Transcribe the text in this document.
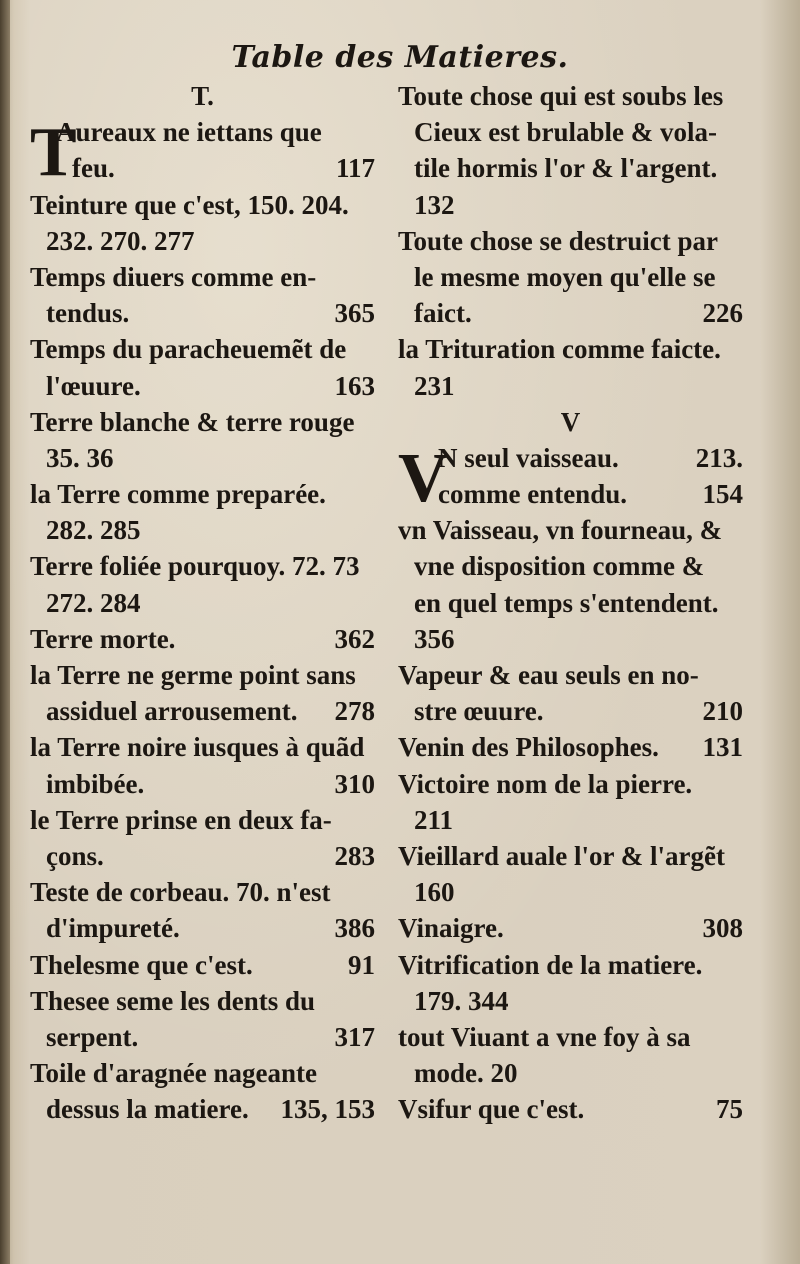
Table des Matieres.
T.
T
Aureaux ne iettans que
feu.	117
Teinture que c'est, 150. 204.
232. 270. 277
Temps diuers comme en-
tendus.	365
Temps du paracheuemẽt de
l'œuure.	163
Terre blanche & terre rouge
35. 36
la Terre comme preparée.
282. 285
Terre foliée pourquoy. 72. 73
272. 284
Terre morte.	362
la Terre ne germe point sans
assiduel arrousement. 278
la Terre noire iusques à quãd
imbibée.	310
le Terre prinse en deux fa-
çons.	283
Teste de corbeau. 70. n'est
d'impureté.	386
Thelesme que c'est.	91
Thesee seme les dents du
serpent.	317
Toile d'aragnée nageante
dessus la matiere. 135, 153
Toute chose qui est soubs les
Cieux est brulable & vola-
tile hormis l'or & l'argent.
132
Toute chose se destruict par
le mesme moyen qu'elle se
faict.	226
la Trituration comme faicte.
231
V
V
N seul vaisseau.	213.
comme entendu.	154
vn Vaisseau, vn fourneau, &
vne disposition comme &
en quel temps s'entendent.
356
Vapeur & eau seuls en no-
stre œuure.	210
Venin des Philosophes. 131
Victoire nom de la pierre.
211
Vieillard auale l'or & l'argẽt
160
Vinaigre.	308
Vitrification de la matiere.
179. 344
tout Viuant a vne foy à sa
mode. 20
Vsifur que c'est.	75
